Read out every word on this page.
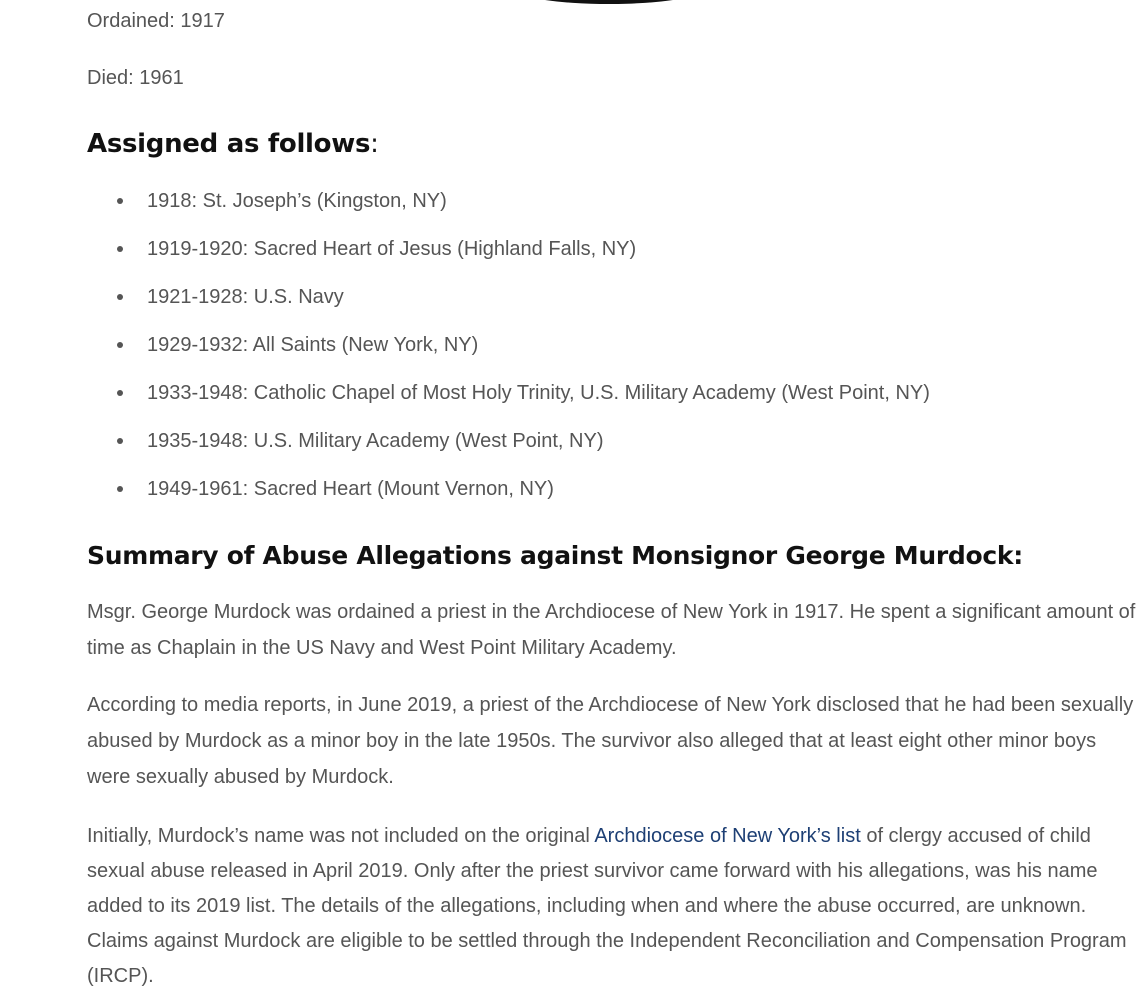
Ordained: 1917

Died: 1961

Assigned as follows:
1918: St. Joseph’s (Kingston, NY)
1919-1920: Sacred Heart of Jesus (Highland Falls, NY)
1921-1928: U.S. Navy
1929-1932: All Saints (New York, NY)
1933-1948: Catholic Chapel of Most Holy Trinity, U.S. Military Academy (West Point, NY)
1935-1948: U.S. Military Academy (West Point, NY)
1949-1961: Sacred Heart (Mount Vernon, NY)
Summary of Abuse Allegations against Monsignor George Murdock:

Msgr. George Murdock was ordained a priest in the Archdiocese of New York in 1917. He spent a significant amount of time as Chaplain in the US Navy and West Point Military Academy.

According to media reports, in June 2019, a priest of the Archdiocese of New York disclosed that he had been sexually abused by Murdock as a minor boy in the late 1950s. The survivor also alleged that at least eight other minor boys were sexually abused by Murdock.

Initially, Murdock’s name was not included on the original Archdiocese of New York’s list of clergy accused of child sexual abuse released in April 2019. Only after the priest survivor came forward with his allegations, was his name added to its 2019 list. The details of the allegations, including when and where the abuse occurred, are unknown. Claims against Murdock are eligible to be settled through the Independent Reconciliation and Compensation Program (IRCP).
